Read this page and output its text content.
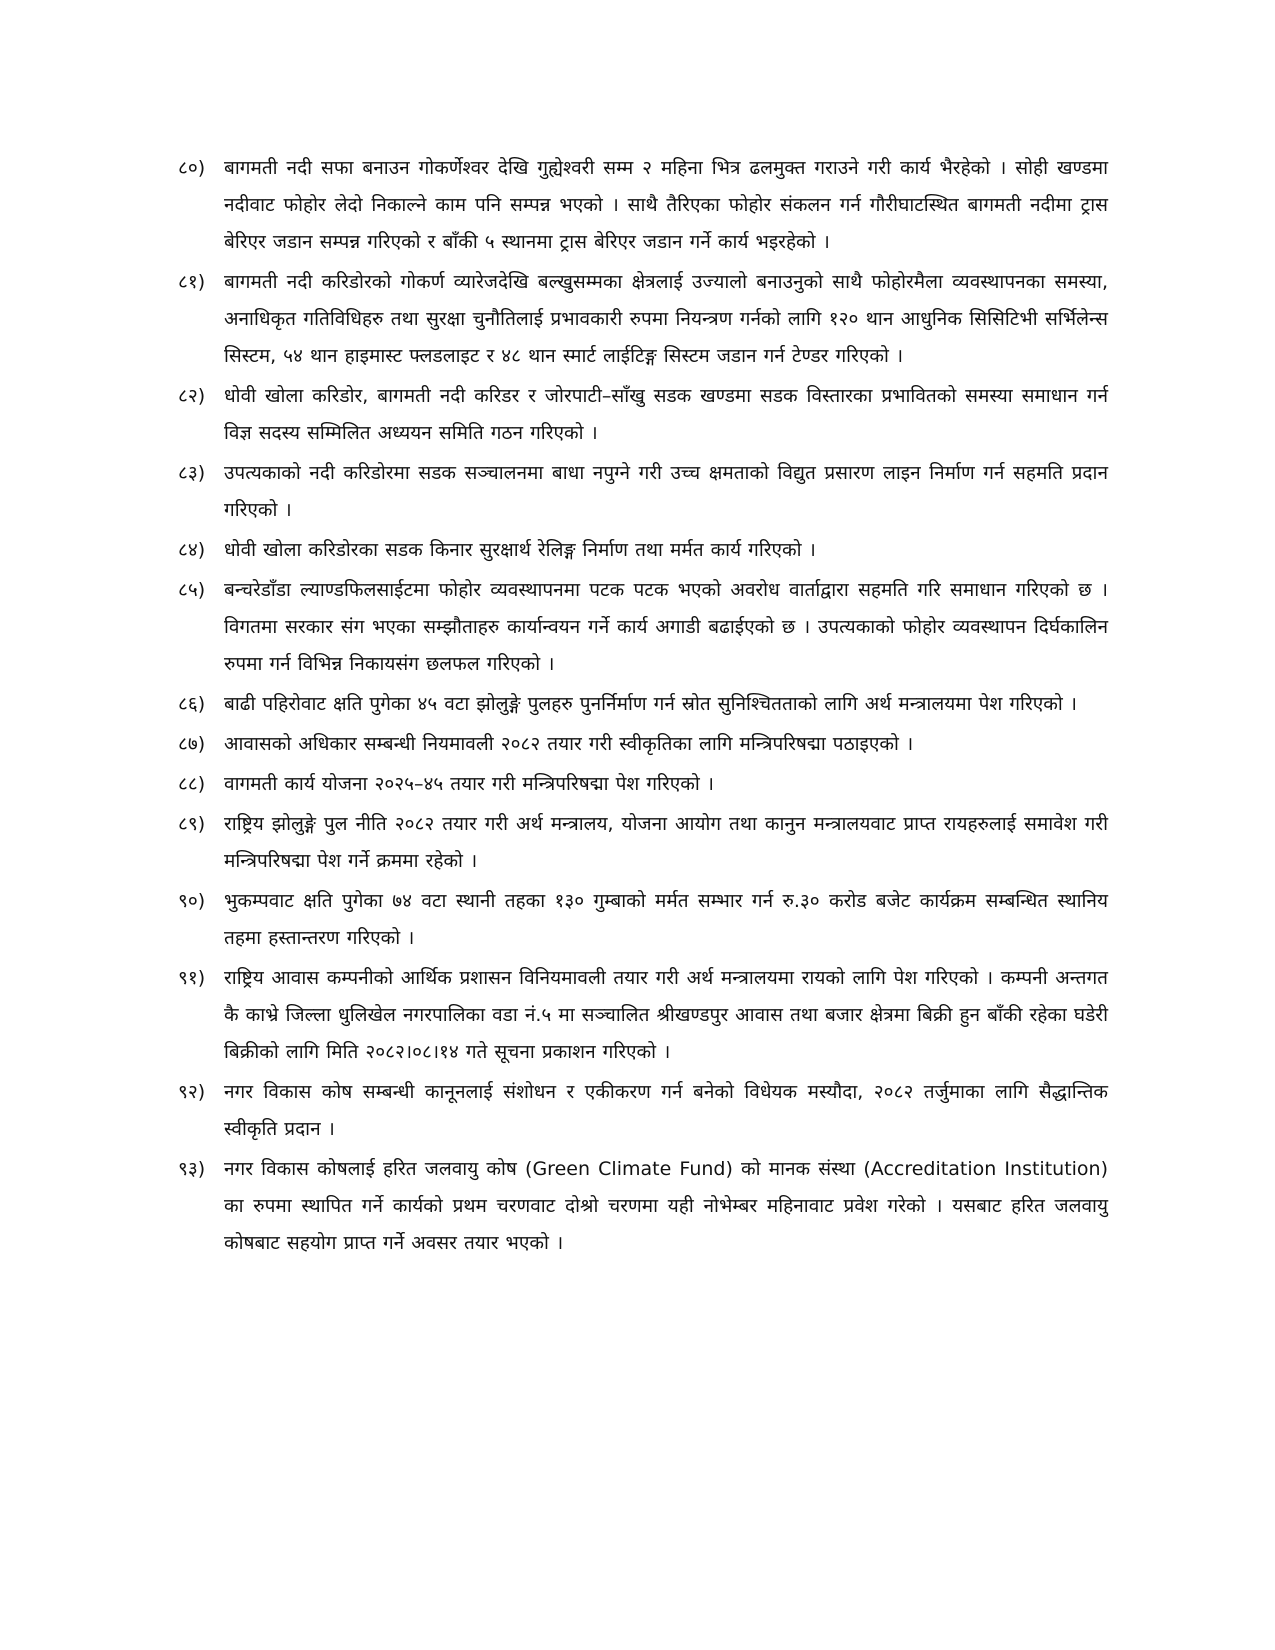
८०) बागमती नदी सफा बनाउन गोकर्णेश्वर देखि गुह्येश्वरी सम्म २ महिना भित्र ढलमुक्त गराउने गरी कार्य भैरहेको । सोही खण्डमा नदीवाट फोहोर लेदो निकाल्ने काम पनि सम्पन्न भएको । साथै तैरिएका फोहोर संकलन गर्न गौरीघाटस्थित बागमती नदीमा ट्रास बेरिएर जडान सम्पन्न गरिएको र बाँकी ५ स्थानमा ट्रास बेरिएर जडान गर्ने कार्य भइरहेको ।
८१) बागमती नदी करिडोरको गोकर्ण व्यारेजदेखि बल्खुसम्मका क्षेत्रलाई उज्यालो बनाउनुको साथै फोहोरमैला व्यवस्थापनका समस्या, अनाधिकृत गतिविधिहरु तथा सुरक्षा चुनौतिलाई प्रभावकारी रुपमा नियन्त्रण गर्नको लागि १२० थान आधुनिक सिसिटिभी सर्भिलेन्स सिस्टम, ५४ थान हाइमास्ट फ्लडलाइट र ४८ थान स्मार्ट लाईटिङ्ग सिस्टम जडान गर्न टेण्डर गरिएको ।
८२) धोवी खोला करिडोर, बागमती नदी करिडर र जोरपाटी–साँखु सडक खण्डमा सडक विस्तारका प्रभावितको समस्या समाधान गर्न विज्ञ सदस्य सम्मिलित अध्ययन समिति गठन गरिएको ।
८३) उपत्यकाको नदी करिडोरमा सडक सञ्चालनमा बाधा नपुग्ने गरी उच्च क्षमताको विद्युत प्रसारण लाइन निर्माण गर्न सहमति प्रदान गरिएको ।
८४) धोवी खोला करिडोरका सडक किनार सुरक्षार्थ रेलिङ्ग निर्माण तथा मर्मत कार्य गरिएको ।
८५) बन्चरेडाँडा ल्याण्डफिलसाईटमा फोहोर व्यवस्थापनमा पटक पटक भएको अवरोध वार्ताद्वारा सहमति गरि समाधान गरिएको छ । विगतमा सरकार संग भएका सम्झौताहरु कार्यान्वयन गर्ने कार्य अगाडी बढाईएको छ । उपत्यकाको फोहोर व्यवस्थापन दिर्घकालिन रुपमा गर्न विभिन्न निकायसंग छलफल गरिएको ।
८६) बाढी पहिरोवाट क्षति पुगेका ४५ वटा झोलुङ्गे पुलहरु पुनर्निर्माण गर्न स्रोत सुनिश्चितताको लागि अर्थ मन्त्रालयमा पेश गरिएको ।
८७) आवासको अधिकार सम्बन्धी नियमावली २०८२ तयार गरी स्वीकृतिका लागि मन्त्रिपरिषद्मा पठाइएको ।
८८) वागमती कार्य योजना २०२५–४५ तयार गरी मन्त्रिपरिषद्मा पेश गरिएको ।
८९) राष्ट्रिय झोलुङ्गे पुल नीति २०८२ तयार गरी अर्थ मन्त्रालय, योजना आयोग तथा कानुन मन्त्रालयवाट प्राप्त रायहरुलाई समावेश गरी मन्त्रिपरिषद्मा पेश गर्ने क्रममा रहेको ।
९०) भुकम्पवाट क्षति पुगेका ७४ वटा स्थानी तहका १३० गुम्बाको मर्मत सम्भार गर्न रु.३० करोड बजेट कार्यक्रम सम्बन्धित स्थानिय तहमा हस्तान्तरण गरिएको ।
९१) राष्ट्रिय आवास कम्पनीको आर्थिक प्रशासन विनियमावली तयार गरी अर्थ मन्त्रालयमा रायको लागि पेश गरिएको । कम्पनी अन्तगत कै काभ्रे जिल्ला धुलिखेल नगरपालिका वडा नं.५ मा सञ्चालित श्रीखण्डपुर आवास तथा बजार क्षेत्रमा बिक्री हुन बाँकी रहेका घडेरी बिक्रीको लागि मिति २०८२।०८।१४ गते सूचना प्रकाशन गरिएको ।
९२) नगर विकास कोष सम्बन्धी कानूनलाई संशोधन र एकीकरण गर्न बनेको विधेयक मस्यौदा, २०८२ तर्जुमाका लागि सैद्धान्तिक स्वीकृति प्रदान ।
९३) नगर विकास कोषलाई हरित जलवायु कोष (Green Climate Fund) को मानक संस्था (Accreditation Institution) का रुपमा स्थापित गर्ने कार्यको प्रथम चरणवाट दोश्रो चरणमा यही नोभेम्बर महिनावाट प्रवेश गरेको । यसबाट हरित जलवायु कोषबाट सहयोग प्राप्त गर्नेे अवसर तयार भएको ।
